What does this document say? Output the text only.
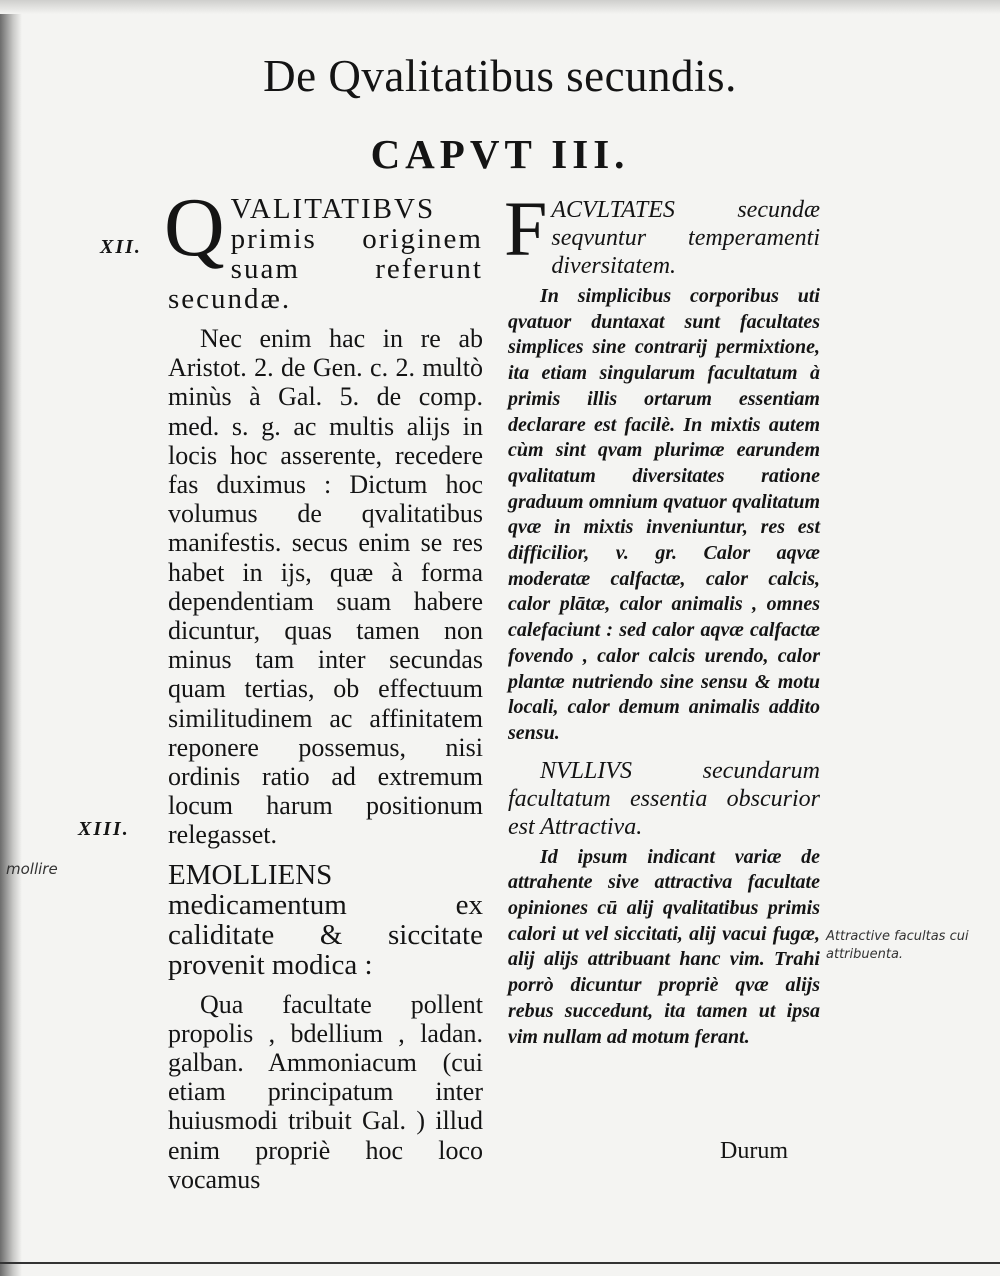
De Qvalitatibus secundis.
CAPVT III.
XII.
XIII.
mollire
Attractive facultas cui attribuenta.

Q VALITATIBVS primis originem suam referunt secundæ.

Nec enim hac in re ab Aristot. 2. de Gen. c. 2. multò minùs à Gal. 5. de comp. med. s. g. ac multis alijs in locis hoc asserente, recedere fas duximus : Dictum hoc volumus de qvalitatibus manifestis. secus enim se res habet in ijs, quæ à forma dependentiam suam habere dicuntur, quas tamen non minus tam inter secundas quam tertias, ob effectuum similitudinem ac affinitatem reponere possemus, nisi ordinis ratio ad extremum locum harum positionum relegasset.

EMOLLIENS medicamentum ex caliditate & siccitate provenit modica :

Qua facultate pollent propolis , bdellium , ladan. galban. Ammoniacum (cui etiam principatum inter huiusmodi tribuit Gal. ) illud enim propriè hoc loco vocamus

F ACVLTATES secundæ seqvuntur temperamenti diversitatem.

In simplicibus corporibus uti qvatuor duntaxat sunt facultates simplices sine contrarij permixtione, ita etiam singularum facultatum à primis illis ortarum essentiam declarare est facilè. In mixtis autem cùm sint qvam plurimæ earundem qvalitatum diversitates ratione graduum omnium qvatuor qvalitatum qvæ in mixtis inveniuntur, res est difficilior, v. gr. Calor aqvæ moderatæ calfactæ, calor calcis, calor plātæ, calor animalis , omnes calefaciunt : sed calor aqvæ calfactæ fovendo , calor calcis urendo, calor plantæ nutriendo sine sensu & motu locali, calor demum animalis addito sensu.

NVLLIVS secundarum facultatum essentia obscurior est Attractiva.

Id ipsum indicant variæ de attrahente sive attractiva facultate opiniones cū alij qvalitatibus primis calori ut vel siccitati, alij vacui fugæ, alij alijs attribuant hanc vim. Trahi porrò dicuntur propriè qvæ alijs rebus succedunt, ita tamen ut ipsa vim nullam ad motum ferant.

Durum
